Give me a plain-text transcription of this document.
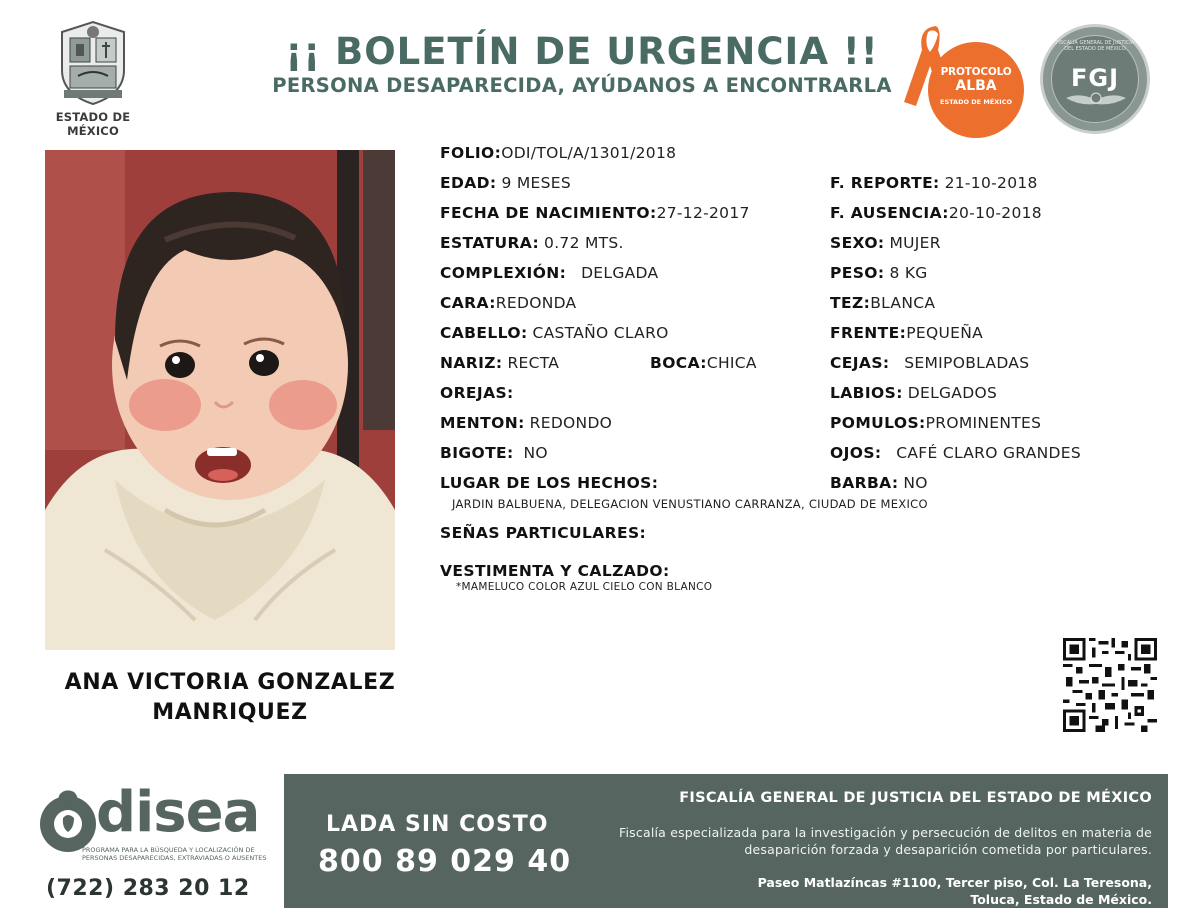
ESTADO DE MÉXICO
¡¡ BOLETÍN DE URGENCIA !!
PERSONA DESAPARECIDA, AYÚDANOS A ENCONTRARLA
PROTOCOLO
ALBA
ESTADO DE MÉXICO
FISCALÍA GENERAL DE JUSTICIA DEL ESTADO DE MÉXICO
FGJ
ANA VICTORIA GONZALEZ
MANRIQUEZ
FOLIO:ODI/TOL/A/1301/2018
EDAD: 9 MESES	F. REPORTE: 21-10-2018
FECHA DE NACIMIENTO:27-12-2017	F. AUSENCIA:20-10-2018
ESTATURA: 0.72 MTS.	SEXO: MUJER
COMPLEXIÓN: DELGADA	PESO: 8 KG
CARA:REDONDA	TEZ:BLANCA
CABELLO: CASTAÑO CLARO	FRENTE:PEQUEÑA
NARIZ: RECTA	BOCA:CHICA	CEJAS: SEMIPOBLADAS
OREJAS:	LABIOS: DELGADOS
MENTON: REDONDO	POMULOS:PROMINENTES
BIGOTE: NO	OJOS: CAFÉ CLARO GRANDES
LUGAR DE LOS HECHOS:	BARBA: NO
JARDIN BALBUENA, DELEGACION VENUSTIANO CARRANZA, CIUDAD DE MEXICO
SEÑAS PARTICULARES:
VESTIMENTA Y CALZADO:
*MAMELUCO COLOR AZUL CIELO CON BLANCO
disea
PROGRAMA PARA LA BÚSQUEDA Y LOCALIZACIÓN DE PERSONAS DESAPARECIDAS, EXTRAVIADAS O AUSENTES
(722) 283 20 12
LADA SIN COSTO
800 89 029 40
FISCALÍA GENERAL DE JUSTICIA DEL ESTADO DE MÉXICO
Fiscalía especializada para la investigación y persecución de delitos en materia de desaparición forzada y desaparición cometida por particulares.
Paseo Matlazíncas #1100, Tercer piso, Col. La Teresona,
Toluca, Estado de México.
